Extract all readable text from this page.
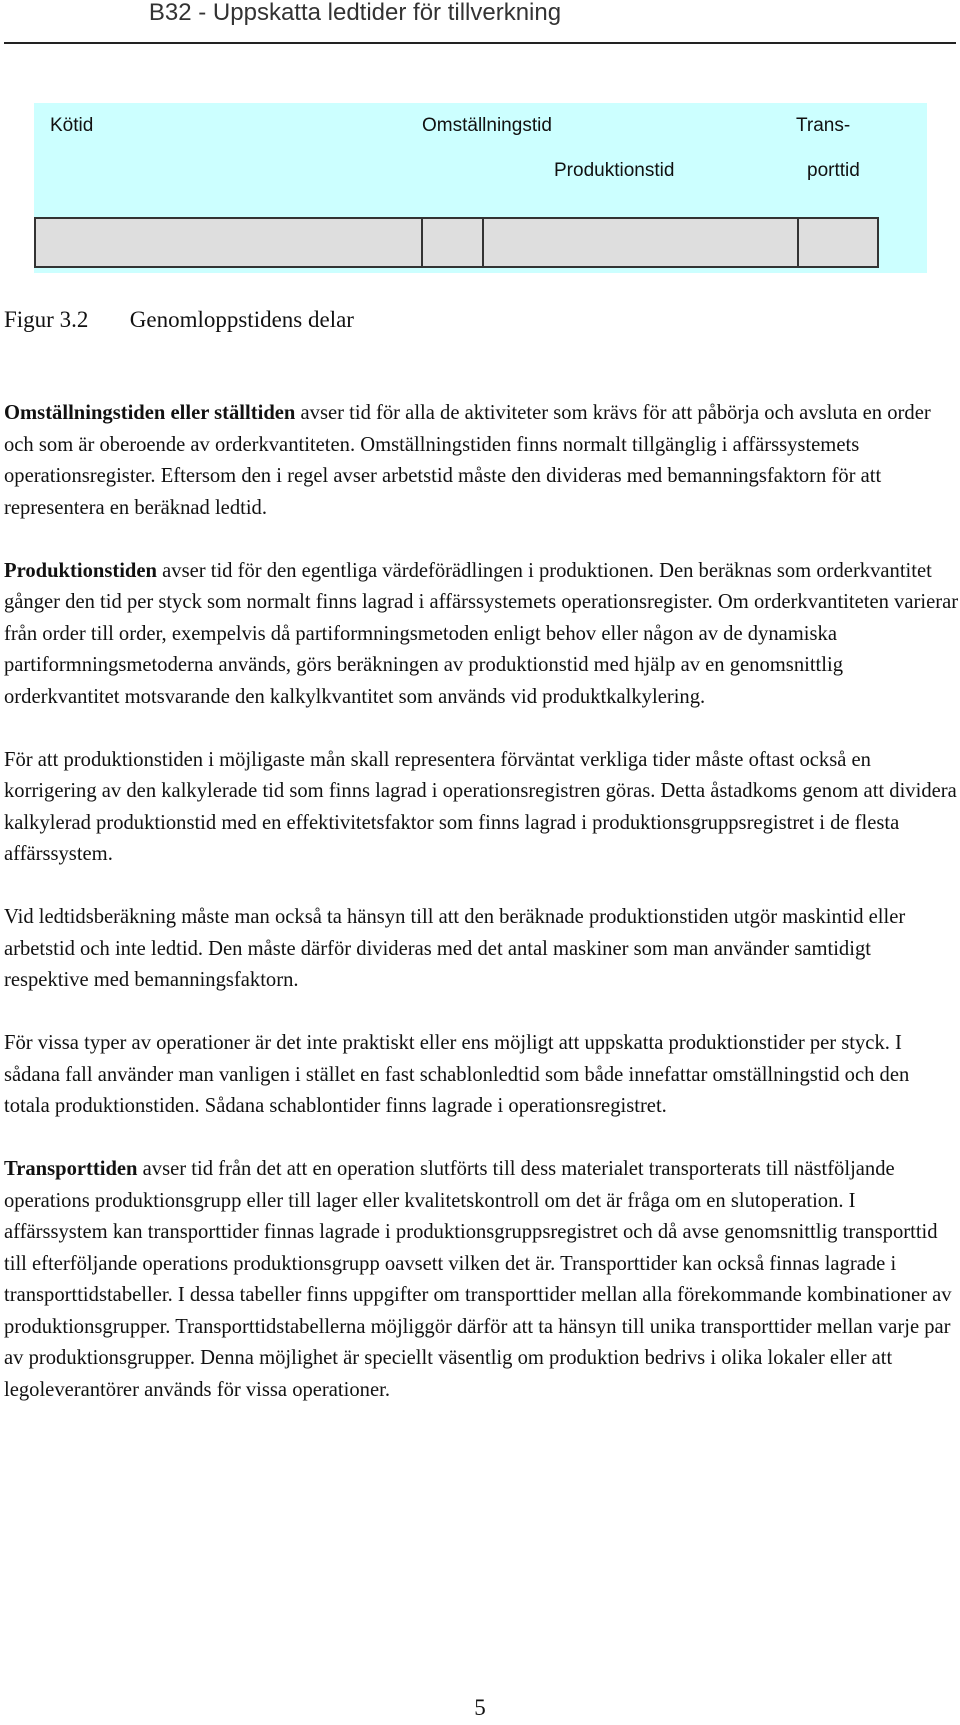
B32 - Uppskatta ledtider för tillverkning
Kötid	Omställningstid	Trans-
Produktionstid	porttid
Figur 3.2 Genomloppstidens delar

Omställningstiden eller ställtiden avser tid för alla de aktiviteter som krävs för att påbörja och avsluta en order och som är oberoende av orderkvantiteten. Omställningstiden finns normalt tillgänglig i affärssystemets operationsregister. Eftersom den i regel avser arbetstid måste den divideras med bemanningsfaktorn för att representera en beräknad ledtid.

Produktionstiden avser tid för den egentliga värdeförädlingen i produktionen. Den beräknas som orderkvantitet gånger den tid per styck som normalt finns lagrad i affärssystemets operationsregister. Om orderkvantiteten varierar från order till order, exempelvis då partiformningsmetoden enligt behov eller någon av de dynamiska partiformningsmetoderna används, görs beräkningen av produktionstid med hjälp av en genomsnittlig orderkvantitet motsvarande den kalkylkvantitet som används vid produktkalkylering.

För att produktionstiden i möjligaste mån skall representera förväntat verkliga tider måste oftast också en korrigering av den kalkylerade tid som finns lagrad i operationsregistren göras. Detta åstadkoms genom att dividera kalkylerad produktionstid med en effektivitetsfaktor som finns lagrad i produktionsgruppsregistret i de flesta affärssystem.

Vid ledtidsberäkning måste man också ta hänsyn till att den beräknade produktionstiden utgör maskintid eller arbetstid och inte ledtid. Den måste därför divideras med det antal maskiner som man använder samtidigt respektive med bemanningsfaktorn.

För vissa typer av operationer är det inte praktiskt eller ens möjligt att uppskatta produktionstider per styck. I sådana fall använder man vanligen i stället en fast schablonledtid som både innefattar omställningstid och den totala produktionstiden. Sådana schablontider finns lagrade i operationsregistret.

Transporttiden avser tid från det att en operation slutförts till dess materialet transporterats till nästföljande operations produktionsgrupp eller till lager eller kvalitetskontroll om det är fråga om en slutoperation. I affärssystem kan transporttider finnas lagrade i produktionsgruppsregistret och då avse genomsnittlig transporttid till efterföljande operations produktionsgrupp oavsett vilken det är. Transporttider kan också finnas lagrade i transporttidstabeller. I dessa tabeller finns uppgifter om transporttider mellan alla förekommande kombinationer av produktionsgrupper. Transporttidstabellerna möjliggör därför att ta hänsyn till unika transporttider mellan varje par av produktionsgrupper. Denna möjlighet är speciellt väsentlig om produktion bedrivs i olika lokaler eller att legoleverantörer används för vissa operationer.

5
